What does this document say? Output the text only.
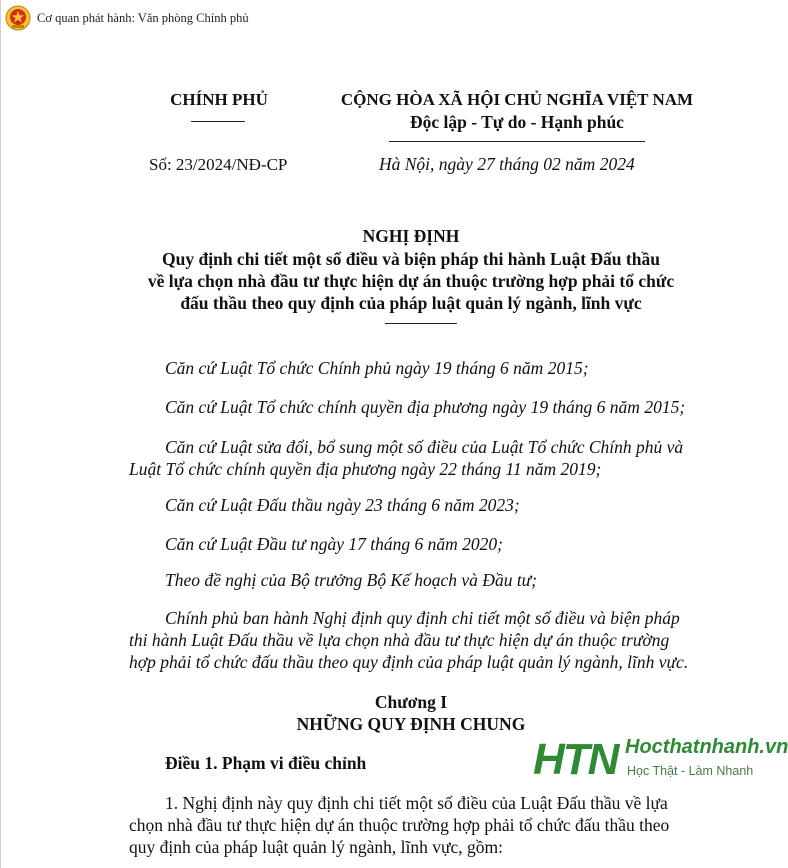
Cơ quan phát hành: Văn phòng Chính phủ
CHÍNH PHỦ	CỘNG HÒA XÃ HỘI CHỦ NGHĨA VIỆT NAM
Độc lập - Tự do - Hạnh phúc
Số: 23/2024/NĐ-CP	Hà Nội, ngày 27 tháng 02 năm 2024
NGHỊ ĐỊNH
Quy định chi tiết một số điều và biện pháp thi hành Luật Đấu thầu
về lựa chọn nhà đầu tư thực hiện dự án thuộc trường hợp phải tổ chức
đấu thầu theo quy định của pháp luật quản lý ngành, lĩnh vực
Căn cứ Luật Tổ chức Chính phủ ngày 19 tháng 6 năm 2015;
Căn cứ Luật Tổ chức chính quyền địa phương ngày 19 tháng 6 năm 2015;
Căn cứ Luật sửa đổi, bổ sung một số điều của Luật Tổ chức Chính phủ và
Luật Tổ chức chính quyền địa phương ngày 22 tháng 11 năm 2019;
Căn cứ Luật Đấu thầu ngày 23 tháng 6 năm 2023;
Căn cứ Luật Đầu tư ngày 17 tháng 6 năm 2020;
Theo đề nghị của Bộ trưởng Bộ Kế hoạch và Đầu tư;
Chính phủ ban hành Nghị định quy định chi tiết một số điều và biện pháp
thi hành Luật Đấu thầu về lựa chọn nhà đầu tư thực hiện dự án thuộc trường
hợp phải tổ chức đấu thầu theo quy định của pháp luật quản lý ngành, lĩnh vực.
Chương I
NHỮNG QUY ĐỊNH CHUNG
Điều 1. Phạm vi điều chỉnh	HTN Hocthatnhanh.vn
Học Thật - Làm Nhanh
1. Nghị định này quy định chi tiết một số điều của Luật Đấu thầu về lựa
chọn nhà đầu tư thực hiện dự án thuộc trường hợp phải tổ chức đấu thầu theo
quy định của pháp luật quản lý ngành, lĩnh vực, gồm:
